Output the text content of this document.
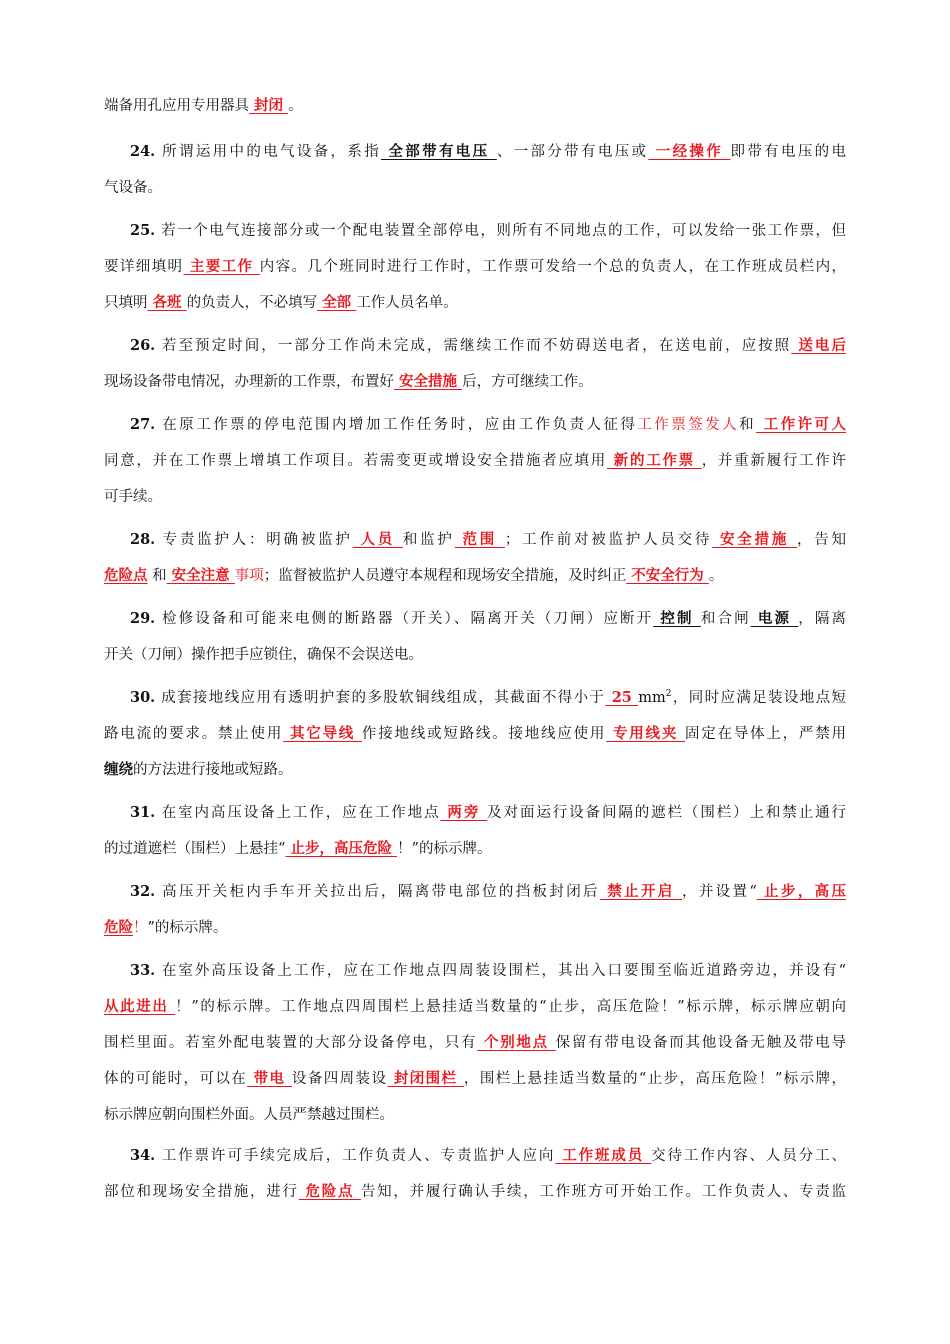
端备用孔应用专用器具 封闭 。
24. 所谓运用中的电气设备，系指 全部带有电压 、一部分带有电压或 一经操作 即带有电压的电
气设备。
25. 若一个电气连接部分或一个配电装置全部停电，则所有不同地点的工作，可以发给一张工作票，但
要详细填明 主要工作 内容。几个班同时进行工作时，工作票可发给一个总的负责人，在工作班成员栏内，
只填明 各班 的负责人，不必填写 全部 工作人员名单。
26. 若至预定时间，一部分工作尚未完成，需继续工作而不妨碍送电者，在送电前，应按照 送电后
现场设备带电情况，办理新的工作票，布置好 安全措施 后，方可继续工作。
27. 在原工作票的停电范围内增加工作任务时，应由工作负责人征得工作票签发人和 工作许可人
同意，并在工作票上增填工作项目。若需变更或增设安全措施者应填用 新的工作票 ，并重新履行工作许
可手续。
28. 专责监护人：明确被监护 人员 和监护 范围 ；工作前对被监护人员交待 安全措施 ，告知
危险点 和 安全注意 事项；监督被监护人员遵守本规程和现场安全措施，及时纠正 不安全行为 。
29. 检修设备和可能来电侧的断路器（开关）、隔离开关（刀闸）应断开 控制 和合闸 电源 ，隔离
开关（刀闸）操作把手应锁住，确保不会误送电。
30. 成套接地线应用有透明护套的多股软铜线组成，其截面不得小于 25 $mm^2$，同时应满足装设地点短
路电流的要求。禁止使用 其它导线 作接地线或短路线。接地线应使用 专用线夹 固定在导体上，严禁用
缠绕的方法进行接地或短路。
31. 在室内高压设备上工作，应在工作地点 两旁 及对面运行设备间隔的遮栏（围栏）上和禁止通行
的过道遮栏（围栏）上悬挂“ 止步，高压危险 ！”的标示牌。
32. 高压开关柜内手车开关拉出后，隔离带电部位的挡板封闭后 禁止开启 ，并设置“ 止步，高压
危险！”的标示牌。
33. 在室外高压设备上工作，应在工作地点四周装设围栏，其出入口要围至临近道路旁边，并设有“
从此进出 ！”的标示牌。工作地点四周围栏上悬挂适当数量的“止步，高压危险！”标示牌，标示牌应朝向
围栏里面。若室外配电装置的大部分设备停电，只有 个别地点 保留有带电设备而其他设备无触及带电导
体的可能时，可以在 带电 设备四周装设 封闭围栏 ，围栏上悬挂适当数量的“止步，高压危险！”标示牌，
标示牌应朝向围栏外面。人员严禁越过围栏。
34. 工作票许可手续完成后，工作负责人、专责监护人应向 工作班成员 交待工作内容、人员分工、
部位和现场安全措施，进行 危险点 告知，并履行确认手续，工作班方可开始工作。工作负责人、专责监
